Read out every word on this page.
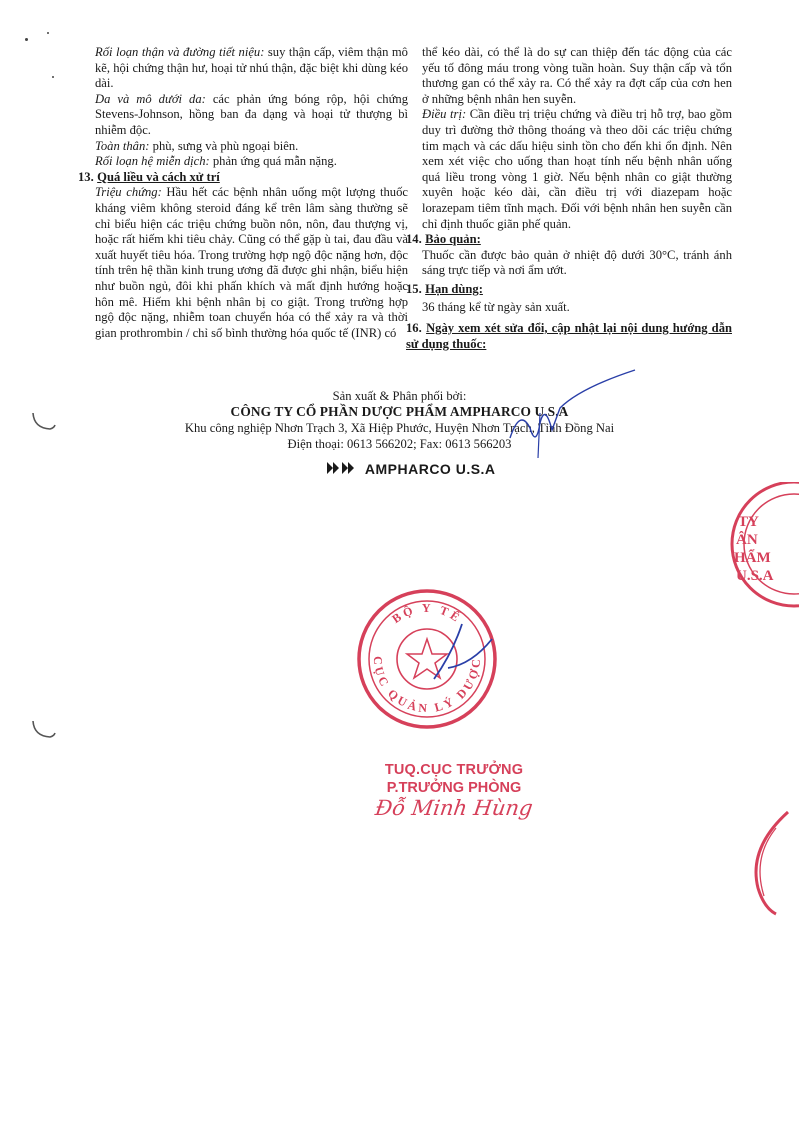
Rối loạn thận và đường tiết niệu: suy thận cấp, viêm thận mô kẽ, hội chứng thận hư, hoại tử nhú thận, đặc biệt khi dùng kéo dài.

Da và mô dưới da: các phản ứng bóng rộp, hội chứng Stevens-Johnson, hồng ban đa dạng và hoại tử thượng bì nhiễm độc.

Toàn thân: phù, sưng và phù ngoại biên.

Rối loạn hệ miễn dịch: phản ứng quá mẫn nặng.

13. Quá liều và cách xử trí

Triệu chứng: Hầu hết các bệnh nhân uống một lượng thuốc kháng viêm không steroid đáng kể trên lâm sàng thường sẽ chỉ biểu hiện các triệu chứng buồn nôn, nôn, đau thượng vị, hoặc rất hiếm khi tiêu chảy. Cũng có thể gặp ù tai, đau đầu và xuất huyết tiêu hóa. Trong trường hợp ngộ độc nặng hơn, độc tính trên hệ thần kinh trung ương đã được ghi nhận, biểu hiện như buồn ngủ, đôi khi phấn khích và mất định hướng hoặc hôn mê. Hiếm khi bệnh nhân bị co giật. Trong trường hợp ngộ độc nặng, nhiễm toan chuyển hóa có thể xảy ra và thời gian prothrombin / chỉ số bình thường hóa quốc tế (INR) có

thể kéo dài, có thể là do sự can thiệp đến tác động của các yếu tố đông máu trong vòng tuần hoàn. Suy thận cấp và tổn thương gan có thể xảy ra. Có thể xảy ra đợt cấp của cơn hen ở những bệnh nhân hen suyễn.

Điều trị: Cần điều trị triệu chứng và điều trị hỗ trợ, bao gồm duy trì đường thở thông thoáng và theo dõi các triệu chứng tim mạch và các dấu hiệu sinh tồn cho đến khi ổn định. Nên xem xét việc cho uống than hoạt tính nếu bệnh nhân uống quá liều trong vòng 1 giờ. Nếu bệnh nhân co giật thường xuyên hoặc kéo dài, cần điều trị với diazepam hoặc lorazepam tiêm tĩnh mạch. Đối với bệnh nhân hen suyễn cần chỉ định thuốc giãn phế quản.

14. Bảo quản:

Thuốc cần được bảo quản ở nhiệt độ dưới 30°C, tránh ánh sáng trực tiếp và nơi ẩm ướt.

15. Hạn dùng:

36 tháng kể từ ngày sản xuất.

16. Ngày xem xét sửa đổi, cập nhật lại nội dung hướng dẫn sử dụng thuốc:

Sản xuất & Phân phối bởi:
CÔNG TY CỔ PHẦN DƯỢC PHẨM AMPHARCO U.S.A
Khu công nghiệp Nhơn Trạch 3, Xã Hiệp Phước, Huyện Nhơn Trạch, Tỉnh Đồng Nai
Điện thoại: 0613 566202; Fax: 0613 566203
AMPHARCO U.S.A
TY
ÂN
HẨM
U.S.A
BỘ Y TẾ
CỤC QUẢN LÝ DƯỢC
TUQ.CỤC TRƯỞNG
P.TRƯỞNG PHÒNG
Đỗ Minh Hùng
